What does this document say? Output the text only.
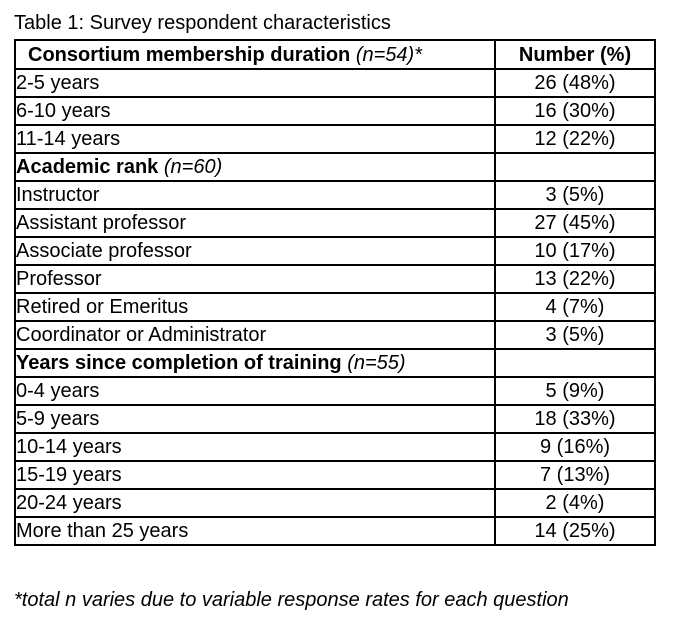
Table 1: Survey respondent characteristics
Consortium membership duration (n=54)*	Number (%)
2-5 years	26 (48%)
6-10 years	16 (30%)
11-14 years	12 (22%)
Academic rank (n=60)	
Instructor	3 (5%)
Assistant professor	27 (45%)
Associate professor	10 (17%)
Professor	13 (22%)
Retired or Emeritus	4 (7%)
Coordinator or Administrator	3 (5%)
Years since completion of training (n=55)	
0-4 years	5 (9%)
5-9 years	18 (33%)
10-14 years	9 (16%)
15-19 years	7 (13%)
20-24 years	2 (4%)
More than 25 years	14 (25%)
*total n varies due to variable response rates for each question
